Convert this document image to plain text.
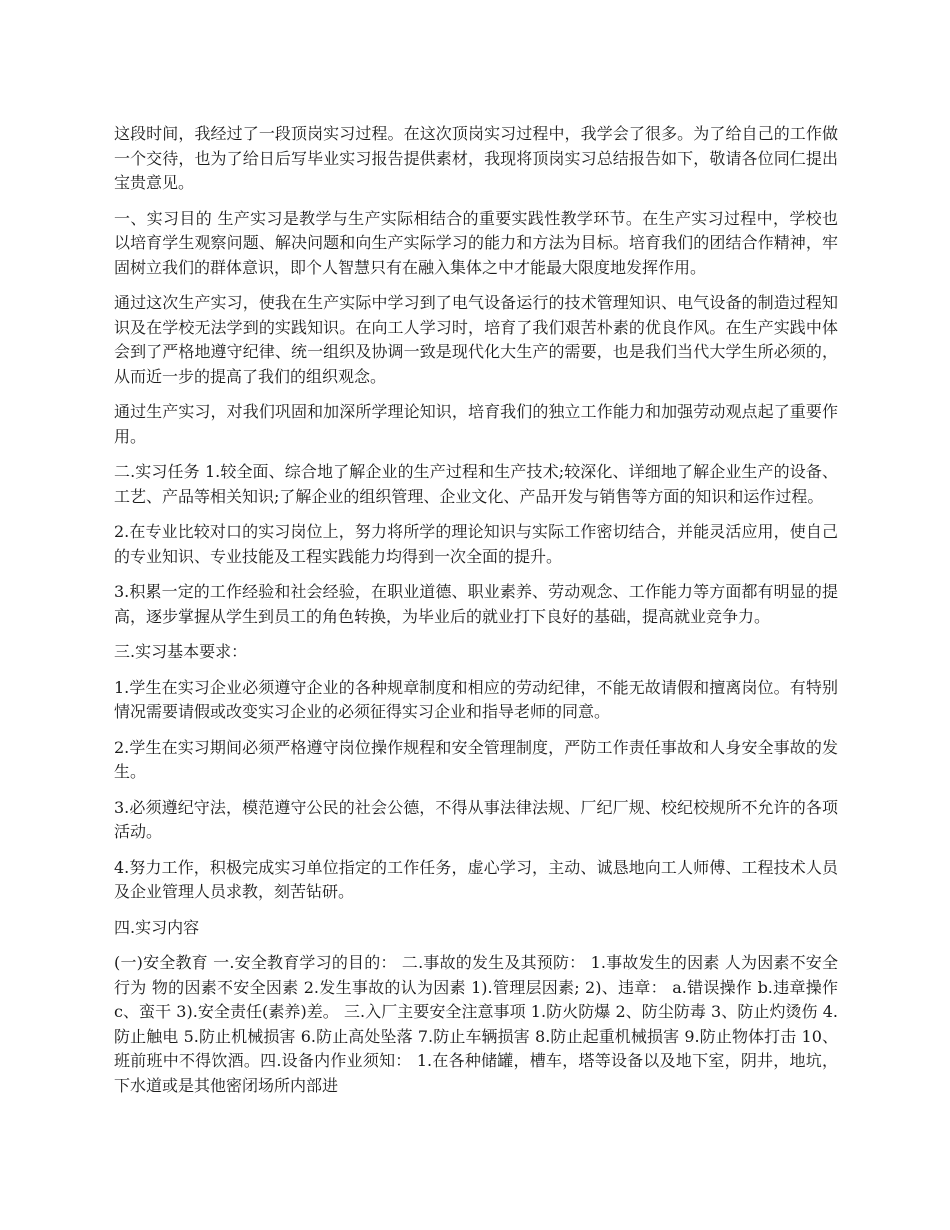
这段时间，我经过了一段顶岗实习过程。在这次顶岗实习过程中，我学会了很多。为了给自己的工作做一个交待，也为了给日后写毕业实习报告提供素材，我现将顶岗实习总结报告如下，敬请各位同仁提出宝贵意见。

一、实习目的 生产实习是教学与生产实际相结合的重要实践性教学环节。在生产实习过程中，学校也以培育学生观察问题、解决问题和向生产实际学习的能力和方法为目标。培育我们的团结合作精神，牢固树立我们的群体意识，即个人智慧只有在融入集体之中才能最大限度地发挥作用。

通过这次生产实习，使我在生产实际中学习到了电气设备运行的技术管理知识、电气设备的制造过程知识及在学校无法学到的实践知识。在向工人学习时，培育了我们艰苦朴素的优良作风。在生产实践中体会到了严格地遵守纪律、统一组织及协调一致是现代化大生产的需要，也是我们当代大学生所必须的，从而近一步的提高了我们的组织观念。

通过生产实习，对我们巩固和加深所学理论知识，培育我们的独立工作能力和加强劳动观点起了重要作用。

二.实习任务 1.较全面、综合地了解企业的生产过程和生产技术;较深化、详细地了解企业生产的设备、工艺、产品等相关知识;了解企业的组织管理、企业文化、产品开发与销售等方面的知识和运作过程。

2.在专业比较对口的实习岗位上，努力将所学的理论知识与实际工作密切结合，并能灵活应用，使自己的专业知识、专业技能及工程实践能力均得到一次全面的提升。

3.积累一定的工作经验和社会经验，在职业道德、职业素养、劳动观念、工作能力等方面都有明显的提高，逐步掌握从学生到员工的角色转换，为毕业后的就业打下良好的基础，提高就业竞争力。

三.实习基本要求：

1.学生在实习企业必须遵守企业的各种规章制度和相应的劳动纪律，不能无故请假和擅离岗位。有特别情况需要请假或改变实习企业的必须征得实习企业和指导老师的同意。

2.学生在实习期间必须严格遵守岗位操作规程和安全管理制度，严防工作责任事故和人身安全事故的发生。

3.必须遵纪守法，模范遵守公民的社会公德，不得从事法律法规、厂纪厂规、校纪校规所不允许的各项活动。

4.努力工作，积极完成实习单位指定的工作任务，虚心学习，主动、诚恳地向工人师傅、工程技术人员及企业管理人员求教，刻苦钻研。

四.实习内容

(一)安全教育 一.安全教育学习的目的： 二.事故的发生及其预防： 1.事故发生的因素 人为因素不安全行为 物的因素不安全因素 2.发生事故的认为因素 1).管理层因素; 2)、违章： a.错误操作 b.违章操作 c、蛮干 3).安全责任(素养)差。 三.入厂主要安全注意事项 1.防火防爆 2、防尘防毒 3、防止灼烫伤 4.防止触电 5.防止机械损害 6.防止高处坠落 7.防止车辆损害 8.防止起重机械损害 9.防止物体打击 10、班前班中不得饮酒。四.设备内作业须知： 1.在各种储罐，槽车，塔等设备以及地下室，阴井，地坑，下水道或是其他密闭场所内部进
